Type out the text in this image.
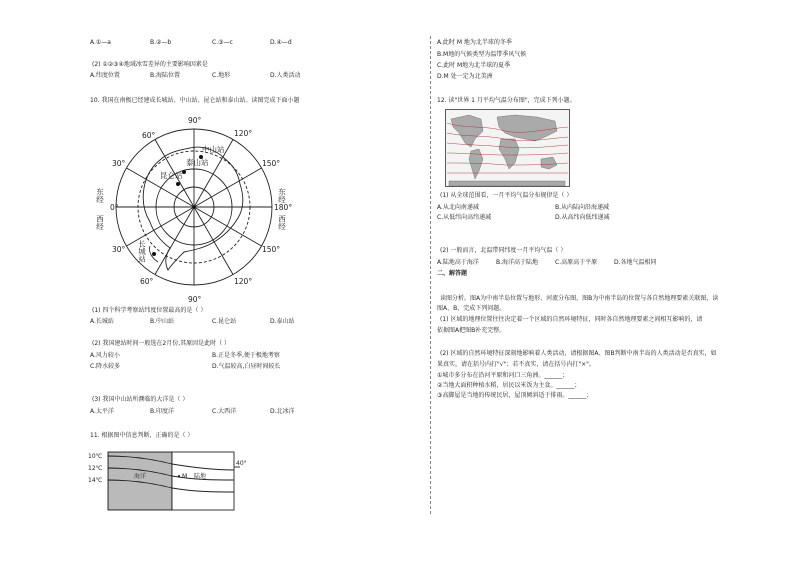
A.①—a	B.②—b	C.③—c	D.④—d
(2) ①②③④地域冰雪差异的主要影响因素是
A.纬度位置	B.海陆位置	C.地形	D.人类活动
10. 我国在南极已经建成长城站、中山站、昆仑站和泰山站。读图完成下面小题
90°
90°
60°	120°
30°	150°
0°	180°
30°	150°
60°	120°
中山站
泰山站
昆仑站
东经
西经
东经
西经
长城站
(1) 四个科学考察站纬度位置最高的是（ ）
A.长城站	B.中山站	C.昆仑站	D.泰山站
(2) 我国建站时间一般选在2月份,其原因是此时（ ）
A.风力较小	B.正是冬季,便于极地考察
C.降水较多	D.气温较高,白昼时间较长
(3) 我国中山站所濒临的大洋是（ ）
A.太平洋	B.印度洋	C.大西洋	D.北冰洋
11. 根据图中信息判断，正确的是（ ）
10℃
12℃
14℃
海洋	陆地
M
40°
A.此时 M 地为北半球的冬季
B.M地的气候类型为温带季风气候
C.此时 M地为北半球的夏季
D.M 处一定为北美洲
12. 读"世界 1 月平均气温分布图"，完成下列小题。
(1) 从全球范围看，一月平均气温分布规律是（ ）
A.从北向南递减	B.从内陆向沿海递减
C.从低纬向高纬递减	D.从高纬向低纬递减
(2) 一般而言，北温带同纬度一月平均气温（ ）
A.陆地高于海洋	B.海洋高于陆地	C.高原高于平原	D.各地气温相同
二、解答题
读图分析。图A为中南半岛位置与地形、河流分布图，图B为中南半岛的位置与各自然地理要素关联图，读
图A、B，完成下列问题。
(1) 区域的地理位置往往决定着一个区域的自然环境特征，同时各自然地理要素之间相互影响的，请
依据图A把图B补充完整。
(2) 区域的自然环境特征深刻地影响着人类活动，请根据图A、图B判断中南半岛的人类活动是否真实，如
果真实，请在括号内打"√"；若不真实，请在括号内打"×"。
①城市多分布在沿河平原和河口三角洲。______；
②当地大面积种植水稻，居民以米饭为主食。______；
③高脚屋是当地的传统民居，屋顶倾斜适于排雨。______；
